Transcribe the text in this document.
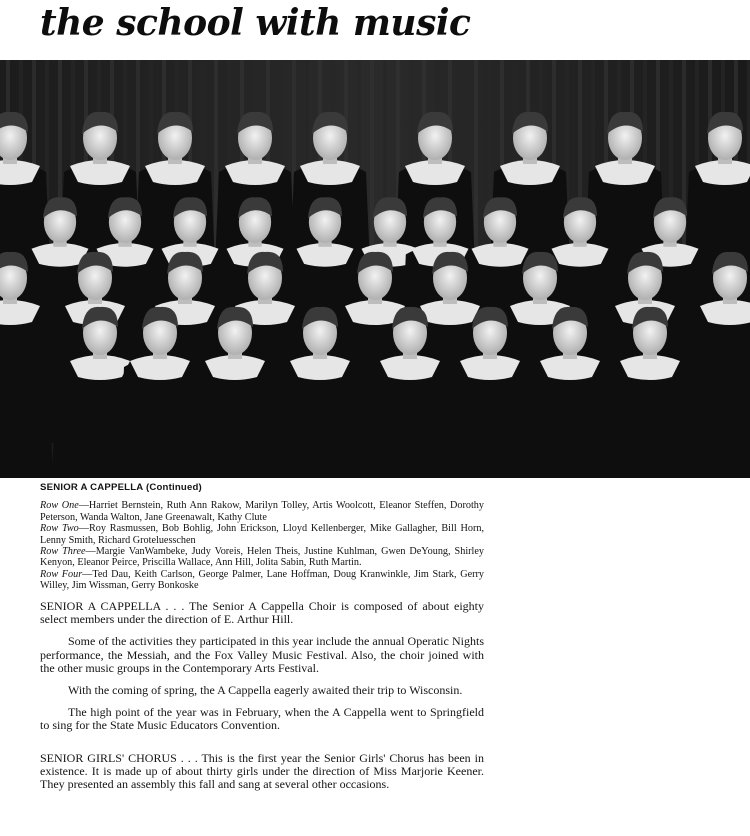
the school with music

SENIOR A CAPPELLA (Continued)

Row One—Harriet Bernstein, Ruth Ann Rakow, Marilyn Tolley, Artis Woolcott, Eleanor Steffen, Dorothy Peterson, Wanda Walton, Jane Greenawalt, Kathy Clute

Row Two—Roy Rasmussen, Bob Bohlig, John Erickson, Lloyd Kellenberger, Mike Gallagher, Bill Horn, Lenny Smith, Richard Groteluesschen

Row Three—Margie VanWambeke, Judy Voreis, Helen Theis, Justine Kuhlman, Gwen DeYoung, Shirley Kenyon, Eleanor Peirce, Priscilla Wallace, Ann Hill, Jolita Sabin, Ruth Martin.

Row Four—Ted Dau, Keith Carlson, George Palmer, Lane Hoffman, Doug Kranwinkle, Jim Stark, Gerry Willey, Jim Wissman, Gerry Bonkoske

SENIOR A CAPPELLA . . . The Senior A Cappella Choir is composed of about eighty select members under the direction of E. Arthur Hill.

Some of the activities they participated in this year include the annual Operatic Nights performance, the Messiah, and the Fox Valley Music Festival. Also, the choir joined with the other music groups in the Contemporary Arts Festival.

With the coming of spring, the A Cappella eagerly awaited their trip to Wisconsin.

The high point of the year was in February, when the A Cappella went to Springfield to sing for the State Music Educators Convention.

SENIOR GIRLS' CHORUS . . . This is the first year the Senior Girls' Chorus has been in existence. It is made up of about thirty girls under the direction of Miss Marjorie Keener. They presented an assembly this fall and sang at several other occasions.
